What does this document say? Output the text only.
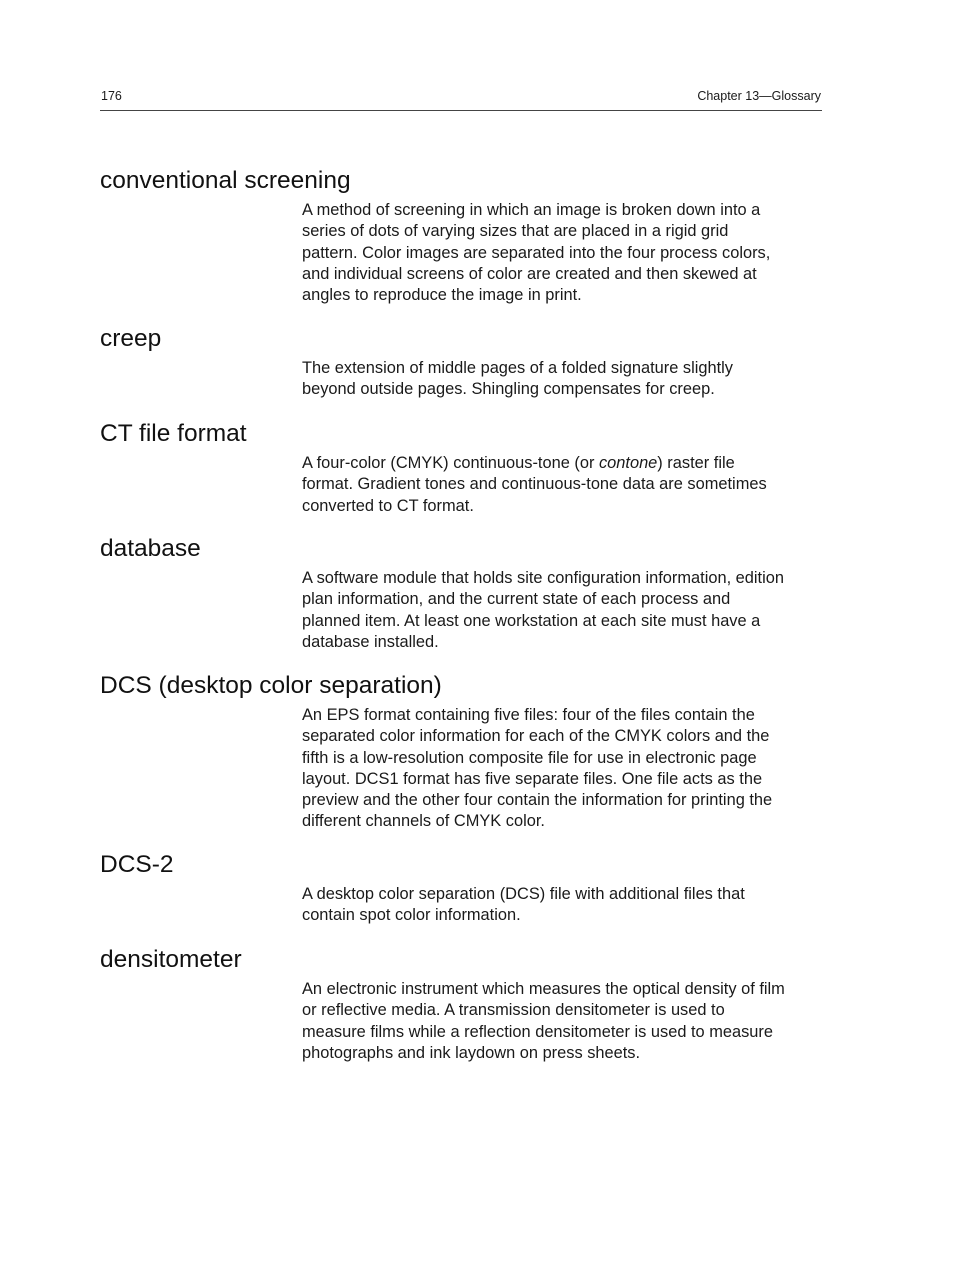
176	Chapter 13—Glossary
conventional screening

A method of screening in which an image is broken down into a
series of dots of varying sizes that are placed in a rigid grid
pattern. Color images are separated into the four process colors,
and individual screens of color are created and then skewed at
angles to reproduce the image in print.

creep

The extension of middle pages of a folded signature slightly
beyond outside pages. Shingling compensates for creep.

CT file format

A four-color (CMYK) continuous-tone (or contone) raster file
format. Gradient tones and continuous-tone data are sometimes
converted to CT format.

database

A software module that holds site configuration information, edition
plan information, and the current state of each process and
planned item. At least one workstation at each site must have a
database installed.

DCS (desktop color separation)

An EPS format containing five files: four of the files contain the
separated color information for each of the CMYK colors and the
fifth is a low-resolution composite file for use in electronic page
layout. DCS1 format has five separate files. One file acts as the
preview and the other four contain the information for printing the
different channels of CMYK color.

DCS-2

A desktop color separation (DCS) file with additional files that
contain spot color information.

densitometer

An electronic instrument which measures the optical density of film
or reflective media. A transmission densitometer is used to
measure films while a reflection densitometer is used to measure
photographs and ink laydown on press sheets.
